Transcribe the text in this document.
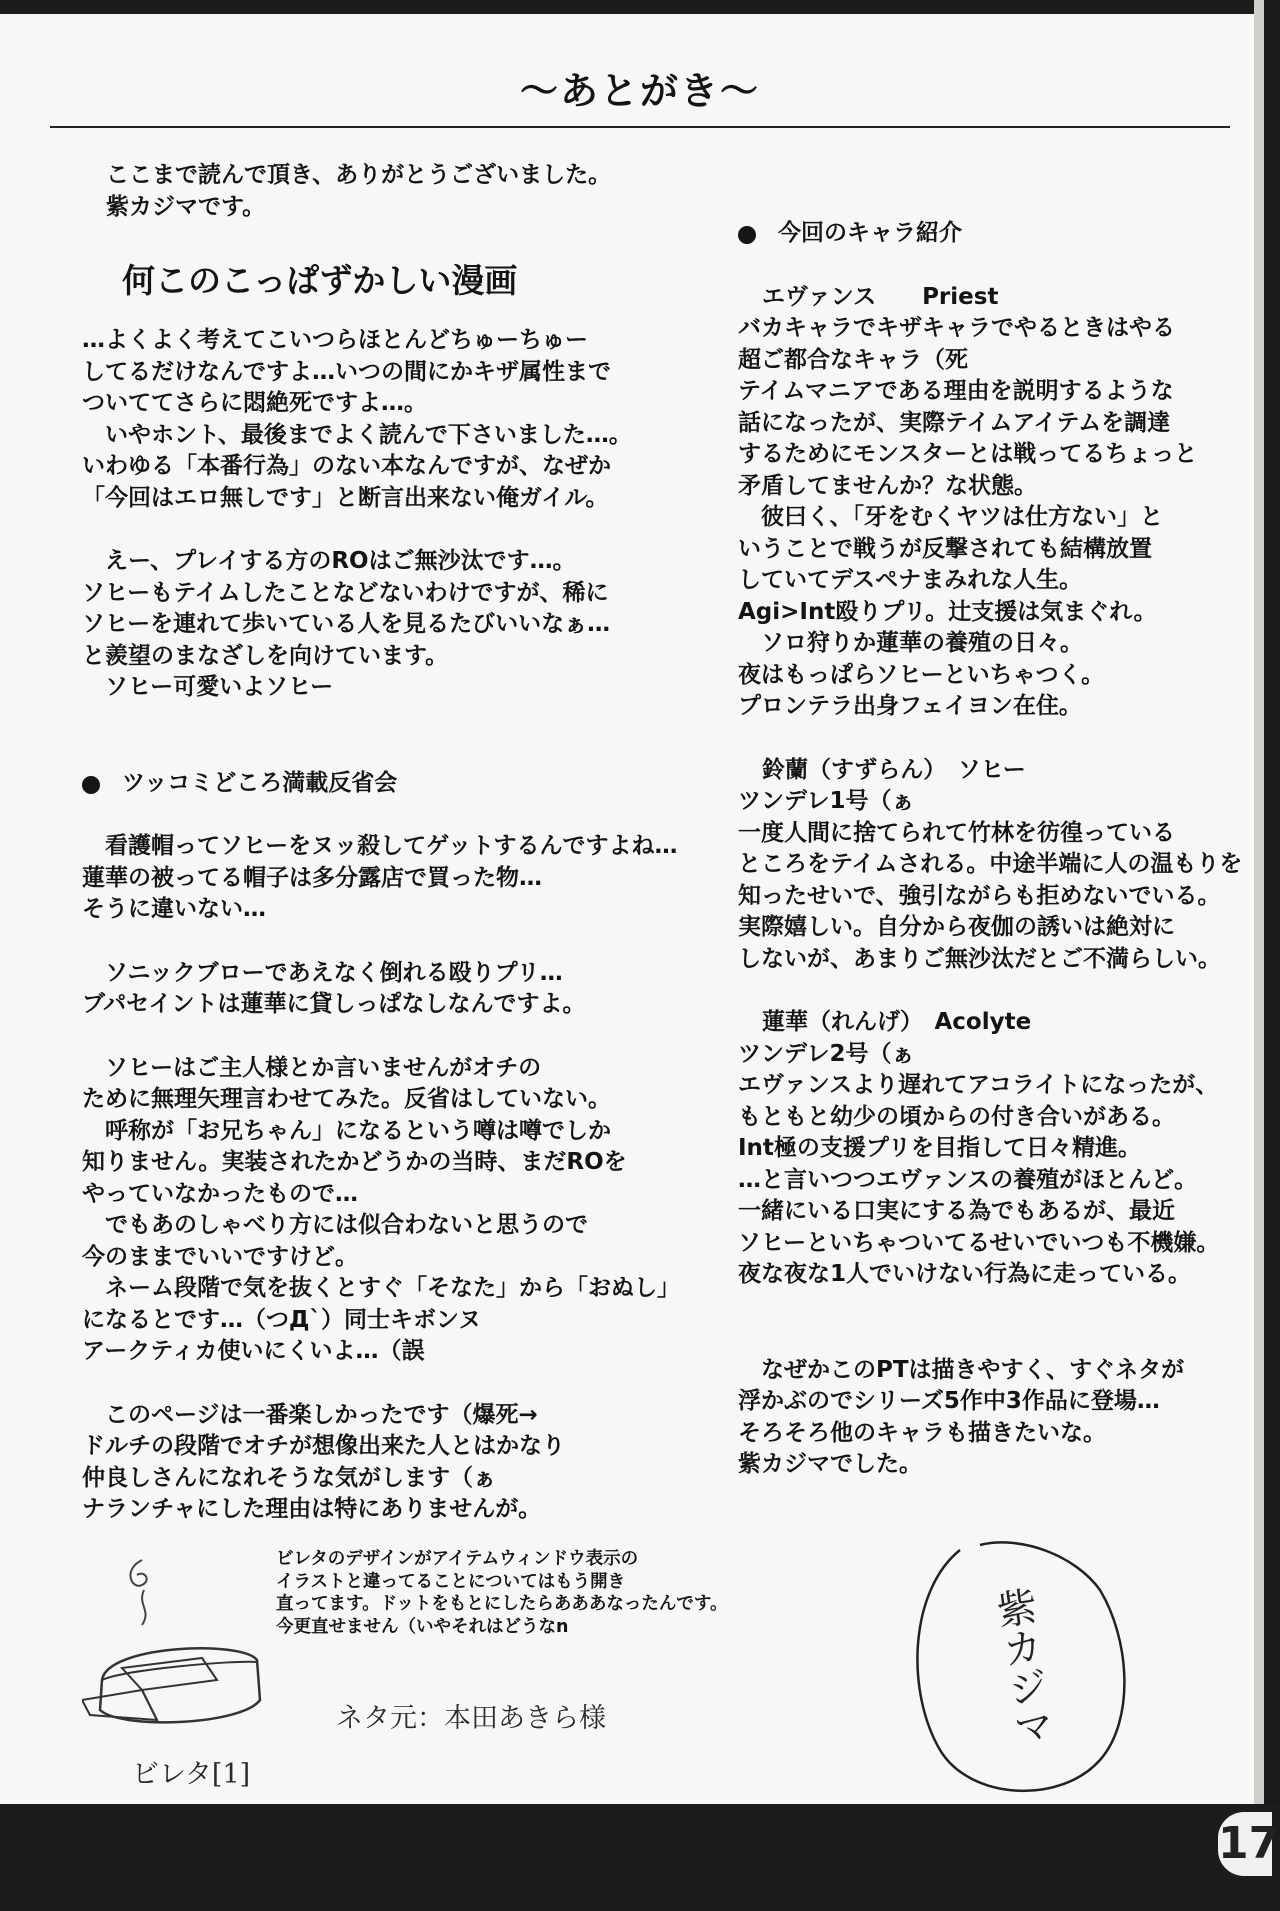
～あとがき～

ここまで読んで頂き、ありがとうございました。

紫カジマです。

何このこっぱずかしい漫画

…よくよく考えてこいつらほとんどちゅーちゅー

してるだけなんですよ…いつの間にかキザ属性まで

ついててさらに悶絶死ですよ…。

　いやホント、最後までよく読んで下さいました…。

いわゆる「本番行為」のない本なんですが、なぜか

「今回はエロ無しです」と断言出来ない俺ガイル。

　えー、プレイする方のROはご無沙汰です…。

ソヒーもテイムしたことなどないわけですが、稀に

ソヒーを連れて歩いている人を見るたびいいなぁ…

と羨望のまなざしを向けています。

　ソヒー可愛いよソヒー

ツッコミどころ満載反省会

　看護帽ってソヒーをヌッ殺してゲットするんですよね…

蓮華の被ってる帽子は多分露店で買った物…

そうに違いない…

　ソニックブローであえなく倒れる殴りプリ…

ブパセイントは蓮華に貸しっぱなしなんですよ。

　ソヒーはご主人様とか言いませんがオチの

ために無理矢理言わせてみた。反省はしていない。

　呼称が「お兄ちゃん」になるという噂は噂でしか

知りません。実装されたかどうかの当時、まだROを

やっていなかったもので…

　でもあのしゃべり方には似合わないと思うので

今のままでいいですけど。

　ネーム段階で気を抜くとすぐ「そなた」から「おぬし」

になるとです…（つД`）同士キボンヌ

アークティカ使いにくいよ…（誤

　このページは一番楽しかったです（爆死→

ドルチの段階でオチが想像出来た人とはかなり

仲良しさんになれそうな気がします（ぁ

ナランチャにした理由は特にありませんが。

今回のキャラ紹介

エヴァンス　　Priest

バカキャラでキザキャラでやるときはやる

超ご都合なキャラ（死

テイムマニアである理由を説明するような

話になったが、実際テイムアイテムを調達

するためにモンスターとは戦ってるちょっと

矛盾してませんか？な状態。

　彼曰く、「牙をむくヤツは仕方ない」と

いうことで戦うが反撃されても結構放置

していてデスペナまみれな人生。

Agi>Int殴りプリ。辻支援は気まぐれ。

　ソロ狩りか蓮華の養殖の日々。

夜はもっぱらソヒーといちゃつく。

プロンテラ出身フェイヨン在住。

鈴蘭（すずらん）　ソヒー

ツンデレ1号（ぁ

一度人間に捨てられて竹林を彷徨っている

ところをテイムされる。中途半端に人の温もりを

知ったせいで、強引ながらも拒めないでいる。

実際嬉しい。自分から夜伽の誘いは絶対に

しないが、あまりご無沙汰だとご不満らしい。

蓮華（れんげ）　Acolyte

ツンデレ2号（ぁ

エヴァンスより遅れてアコライトになったが、

もともと幼少の頃からの付き合いがある。

Int極の支援プリを目指して日々精進。

…と言いつつエヴァンスの養殖がほとんど。

一緒にいる口実にする為でもあるが、最近

ソヒーといちゃついてるせいでいつも不機嫌。

夜な夜な1人でいけない行為に走っている。

　なぜかこのPTは描きやすく、すぐネタが

浮かぶのでシリーズ5作中3作品に登場…

そろそろ他のキャラも描きたいな。

紫カジマでした。

ビレタのデザインがアイテムウィンドウ表示の

イラストと違ってることについてはもう開き

直ってます。ドットをもとにしたらあああなったんです。

今更直せません（いやそれはどうなn

ネタ元：本田あきら様
ビレタ[1]
紫カジマ
17
